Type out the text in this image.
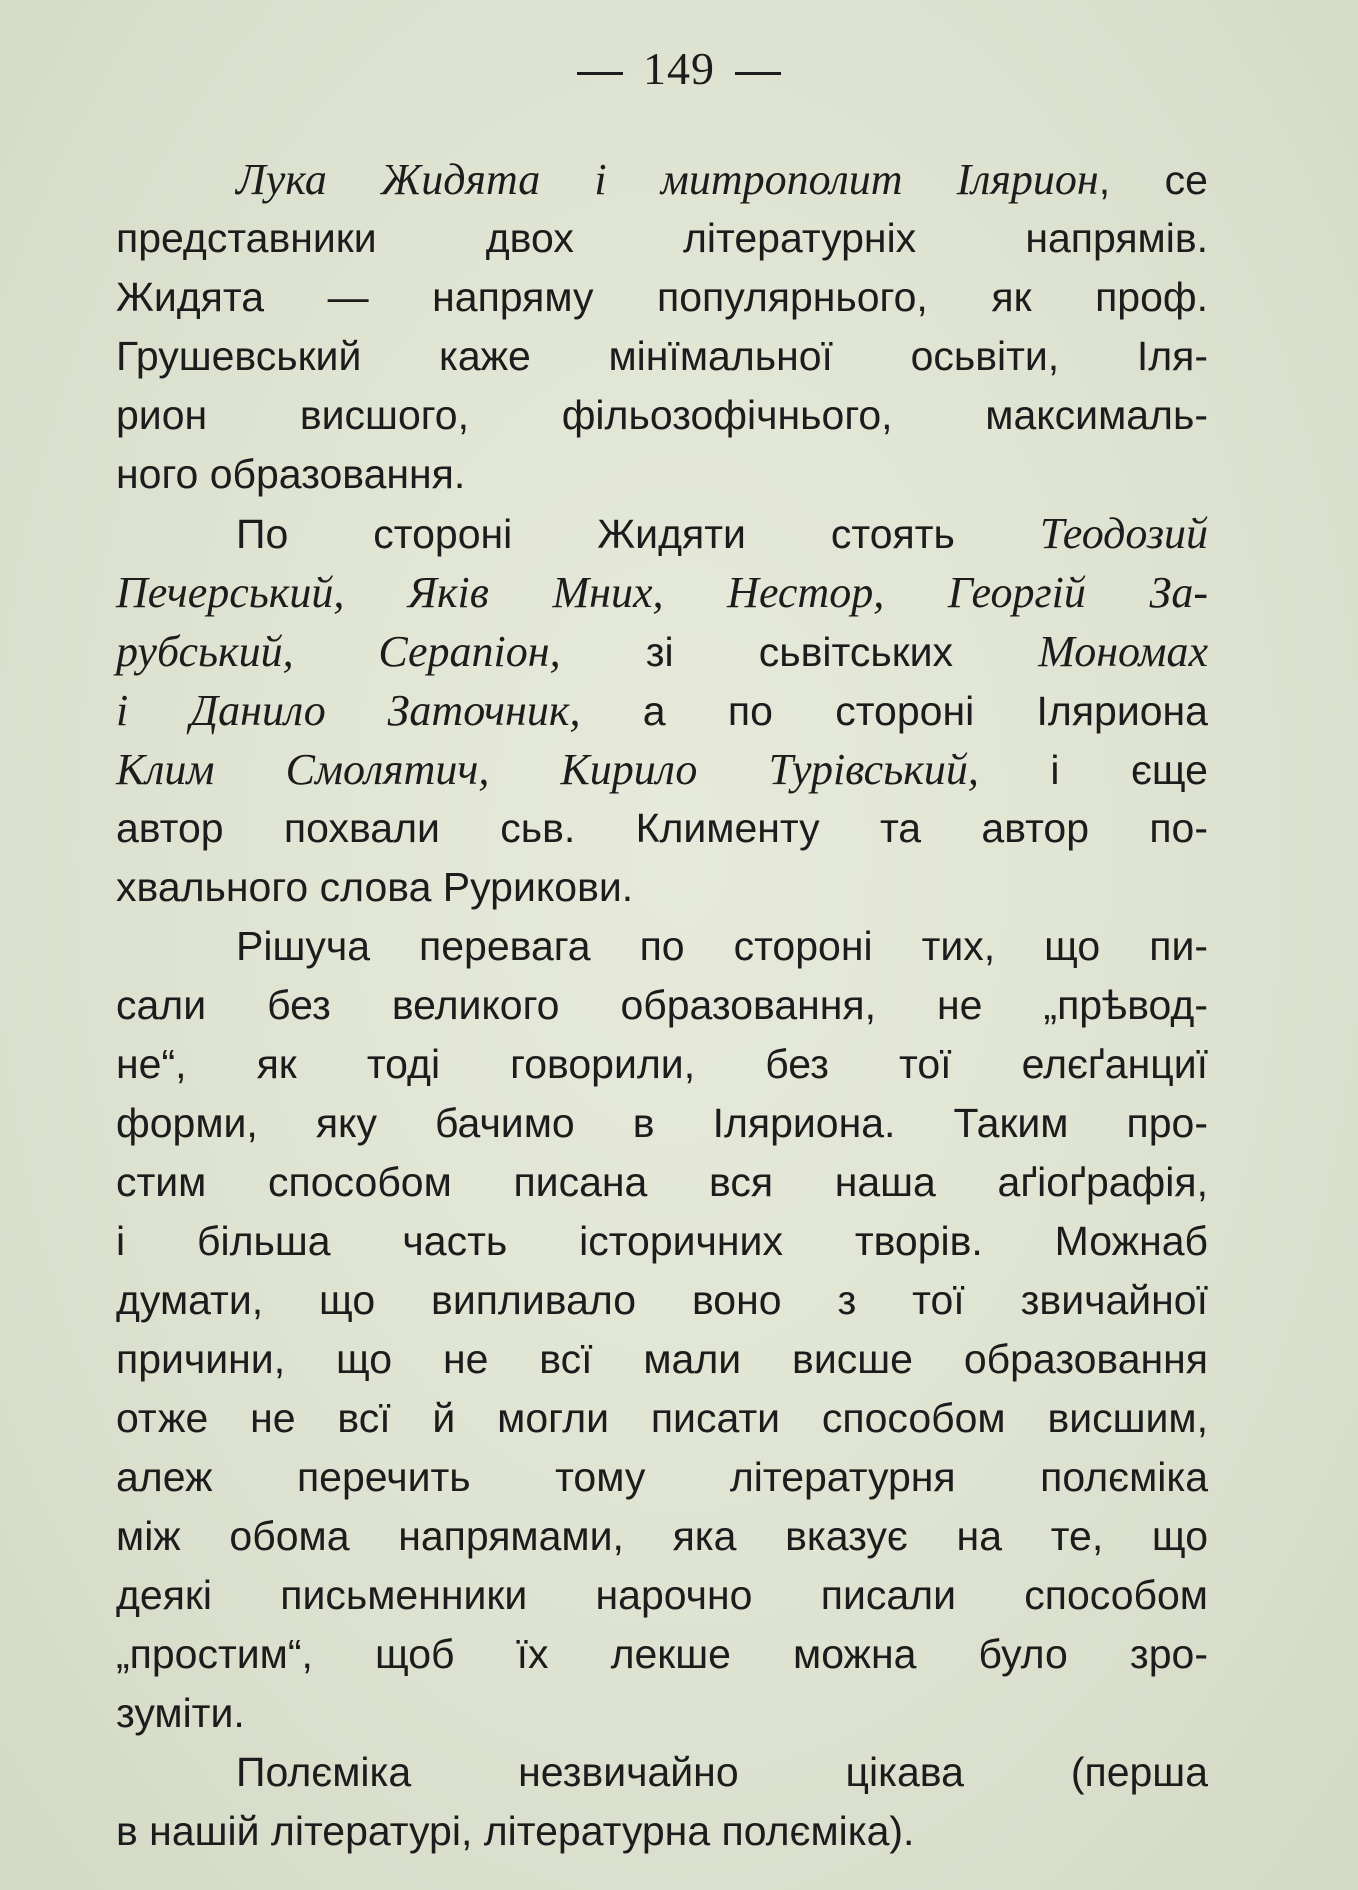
149

Лука Жидята і митрополит Іляриoн, се
представники двох літературніх напрямів.
Жидята — напряму популярнього, як проф.
Грушевський каже мінїмальної осьвіти, Іля-
рион висшого, фільозофічнього, максималь-
ного образовання.
По стороні Жидяти стоять Теодозий
Печерський, Яків Мних, Нестор, Георгій За-
рубський, Серапіон, зі сьвітських Мономах
і Данило Заточник, а по стороні Іляриона
Клим Смолятич, Кирило Турівський, і єще
автор похвали сьв. Клименту та автор по-
хвального слова Рурикови.
Рішуча перевага по стороні тих, що пи-
сали без великого образовання, не „прѣвод-
не“, як тоді говорили, без тої елєґанциї
форми, яку бачимо в Іляриона. Таким про-
стим способом писана вся наша аґіоґрафія,
і більша часть історичних творів. Можнаб
думати, що випливало воно з тої звичайної
причини, що не всї мали висше образовання
отже не всї й могли писати способом висшим,
алеж перечить тому літературня полєміка
між обома напрямами, яка вказує на те, що
деякі письменники нарочно писали способом
„простим“, щоб їх лекше можна було зро-
зуміти.
Полєміка незвичайно цікава (перша
в нашій літературі, літературна полєміка).
